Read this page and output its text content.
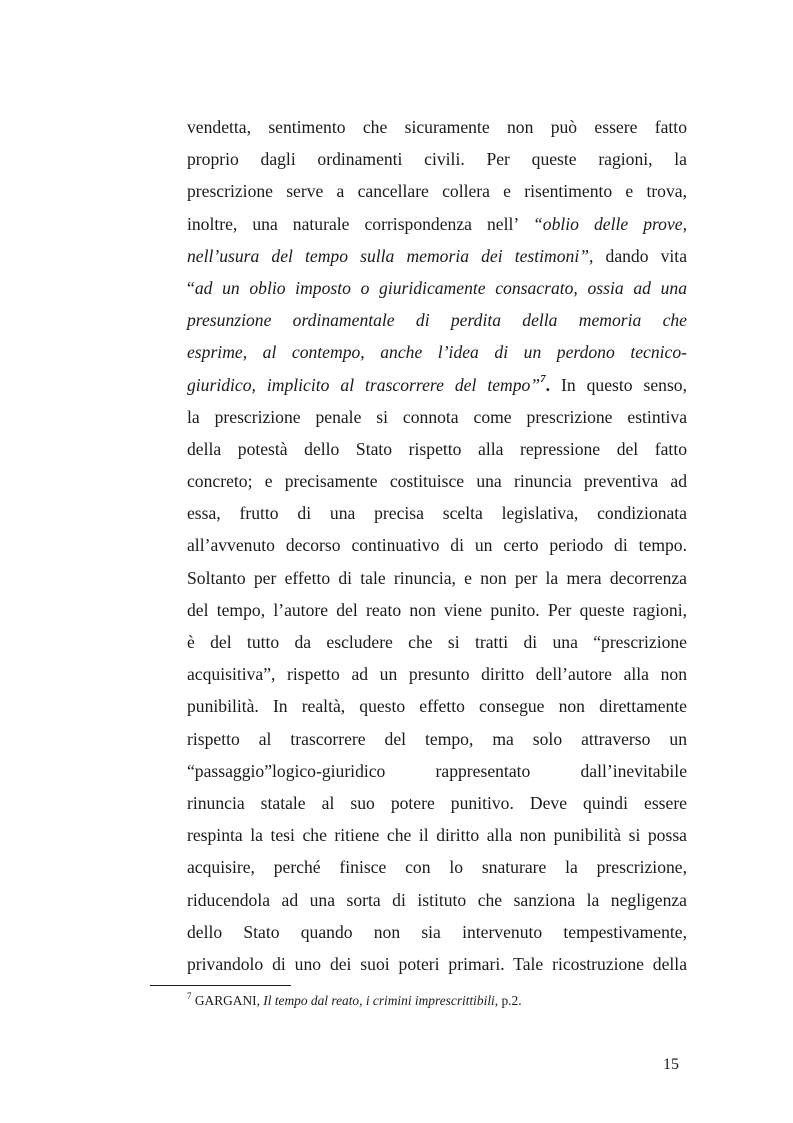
vendetta, sentimento che sicuramente non può essere fatto
proprio dagli ordinamenti civili. Per queste ragioni, la
prescrizione serve a cancellare collera e risentimento e trova,
inoltre, una naturale corrispondenza nell’ “oblio delle prove,
nell’usura del tempo sulla memoria dei testimoni”, dando vita
“ad un oblio imposto o giuridicamente consacrato, ossia ad una
presunzione ordinamentale di perdita della memoria che
esprime, al contempo, anche l’idea di un perdono tecnico-
giuridico, implicito al trascorrere del tempo”$^7$. In questo senso,
la prescrizione penale si connota come prescrizione estintiva
della potestà dello Stato rispetto alla repressione del fatto
concreto; e precisamente costituisce una rinuncia preventiva ad
essa, frutto di una precisa scelta legislativa, condizionata
all’avvenuto decorso continuativo di un certo periodo di tempo.
Soltanto per effetto di tale rinuncia, e non per la mera decorrenza
del tempo, l’autore del reato non viene punito. Per queste ragioni,
è del tutto da escludere che si tratti di una “prescrizione
acquisitiva”, rispetto ad un presunto diritto dell’autore alla non
punibilità. In realtà, questo effetto consegue non direttamente
rispetto al trascorrere del tempo, ma solo attraverso un
“passaggio”logico-giuridico rappresentato dall’inevitabile
rinuncia statale al suo potere punitivo. Deve quindi essere
respinta la tesi che ritiene che il diritto alla non punibilità si possa
acquisire, perché finisce con lo snaturare la prescrizione,
riducendola ad una sorta di istituto che sanziona la negligenza
dello Stato quando non sia intervenuto tempestivamente,
privandolo di uno dei suoi poteri primari. Tale ricostruzione della
$^7$ GARGANI, Il tempo dal reato, i crimini imprescrittibili, p.2.
15
